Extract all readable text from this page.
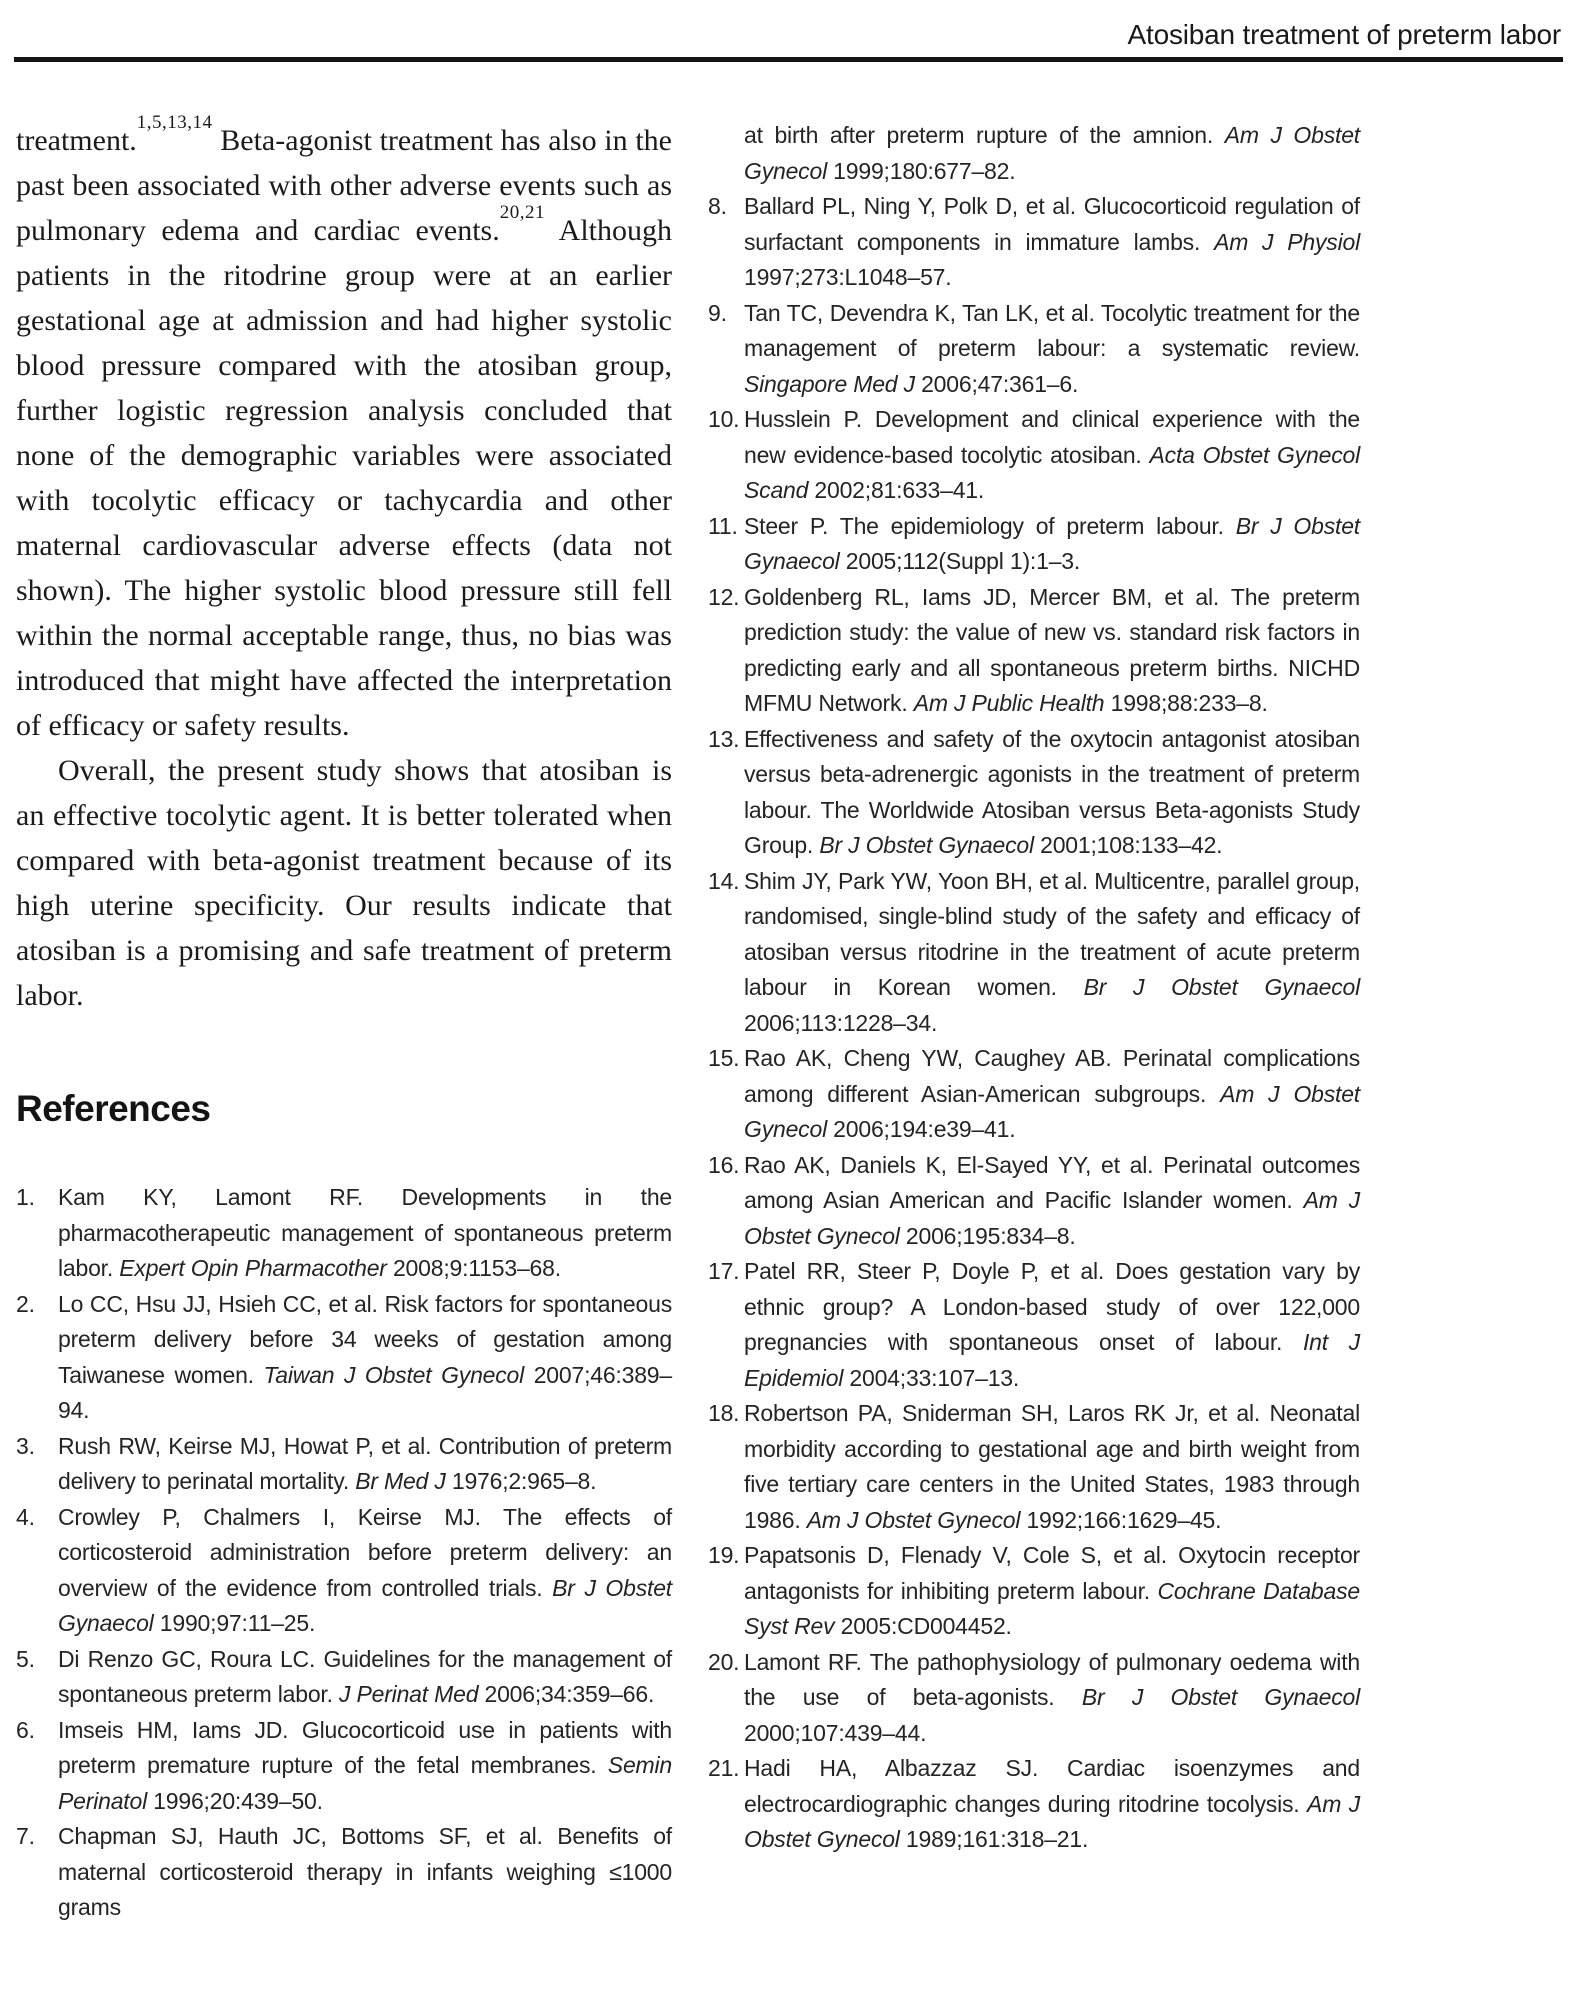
Atosiban treatment of preterm labor

treatment.$^{1,5,13,14}$ Beta-agonist treatment has also in the past been associated with other adverse events such as pulmonary edema and cardiac events.$^{20,21}$ Although patients in the ritodrine group were at an earlier gestational age at admission and had higher systolic blood pressure compared with the atosiban group, further logistic regression analysis concluded that none of the demographic variables were associated with tocolytic efficacy or tachycardia and other maternal cardiovascular adverse effects (data not shown). The higher systolic blood pressure still fell within the normal acceptable range, thus, no bias was introduced that might have affected the interpretation of efficacy or safety results.

Overall, the present study shows that atosiban is an effective tocolytic agent. It is better tolerated when compared with beta-agonist treatment because of its high uterine specificity. Our results indicate that atosiban is a promising and safe treatment of preterm labor.

References
1.	Kam KY, Lamont RF. Developments in the pharmacotherapeutic management of spontaneous preterm labor. Expert Opin Pharmacother 2008;9:1153–68.
2.	Lo CC, Hsu JJ, Hsieh CC, et al. Risk factors for spontaneous preterm delivery before 34 weeks of gestation among Taiwanese women. Taiwan J Obstet Gynecol 2007;46:389–94.
3.	Rush RW, Keirse MJ, Howat P, et al. Contribution of preterm delivery to perinatal mortality. Br Med J 1976;2:965–8.
4.	Crowley P, Chalmers I, Keirse MJ. The effects of corticosteroid administration before preterm delivery: an overview of the evidence from controlled trials. Br J Obstet Gynaecol 1990;97:11–25.
5.	Di Renzo GC, Roura LC. Guidelines for the management of spontaneous preterm labor. J Perinat Med 2006;34:359–66.
6.	Imseis HM, Iams JD. Glucocorticoid use in patients with preterm premature rupture of the fetal membranes. Semin Perinatol 1996;20:439–50.
7.	Chapman SJ, Hauth JC, Bottoms SF, et al. Benefits of maternal corticosteroid therapy in infants weighing ≤1000 grams
at birth after preterm rupture of the amnion. Am J Obstet Gynecol 1999;180:677–82.
8. Ballard PL, Ning Y, Polk D, et al. Glucocorticoid regulation of surfactant components in immature lambs. Am J Physiol 1997;273:L1048–57.
9. Tan TC, Devendra K, Tan LK, et al. Tocolytic treatment for the management of preterm labour: a systematic review. Singapore Med J 2006;47:361–6.
10. Husslein P. Development and clinical experience with the new evidence-based tocolytic atosiban. Acta Obstet Gynecol Scand 2002;81:633–41.
11. Steer P. The epidemiology of preterm labour. Br J Obstet Gynaecol 2005;112(Suppl 1):1–3.
12. Goldenberg RL, Iams JD, Mercer BM, et al. The preterm prediction study: the value of new vs. standard risk factors in predicting early and all spontaneous preterm births. NICHD MFMU Network. Am J Public Health 1998;88:233–8.
13. Effectiveness and safety of the oxytocin antagonist atosiban versus beta-adrenergic agonists in the treatment of preterm labour. The Worldwide Atosiban versus Beta-agonists Study Group. Br J Obstet Gynaecol 2001;108:133–42.
14. Shim JY, Park YW, Yoon BH, et al. Multicentre, parallel group, randomised, single-blind study of the safety and efficacy of atosiban versus ritodrine in the treatment of acute preterm labour in Korean women. Br J Obstet Gynaecol 2006;113:1228–34.
15. Rao AK, Cheng YW, Caughey AB. Perinatal complications among different Asian-American subgroups. Am J Obstet Gynecol 2006;194:e39–41.
16. Rao AK, Daniels K, El-Sayed YY, et al. Perinatal outcomes among Asian American and Pacific Islander women. Am J Obstet Gynecol 2006;195:834–8.
17. Patel RR, Steer P, Doyle P, et al. Does gestation vary by ethnic group? A London-based study of over 122,000 pregnancies with spontaneous onset of labour. Int J Epidemiol 2004;33:107–13.
18. Robertson PA, Sniderman SH, Laros RK Jr, et al. Neonatal morbidity according to gestational age and birth weight from five tertiary care centers in the United States, 1983 through 1986. Am J Obstet Gynecol 1992;166:1629–45.
19. Papatsonis D, Flenady V, Cole S, et al. Oxytocin receptor antagonists for inhibiting preterm labour. Cochrane Database Syst Rev 2005:CD004452.
20. Lamont RF. The pathophysiology of pulmonary oedema with the use of beta-agonists. Br J Obstet Gynaecol 2000;107:439–44.
21. Hadi HA, Albazzaz SJ. Cardiac isoenzymes and electrocardiographic changes during ritodrine tocolysis. Am J Obstet Gynecol 1989;161:318–21.
